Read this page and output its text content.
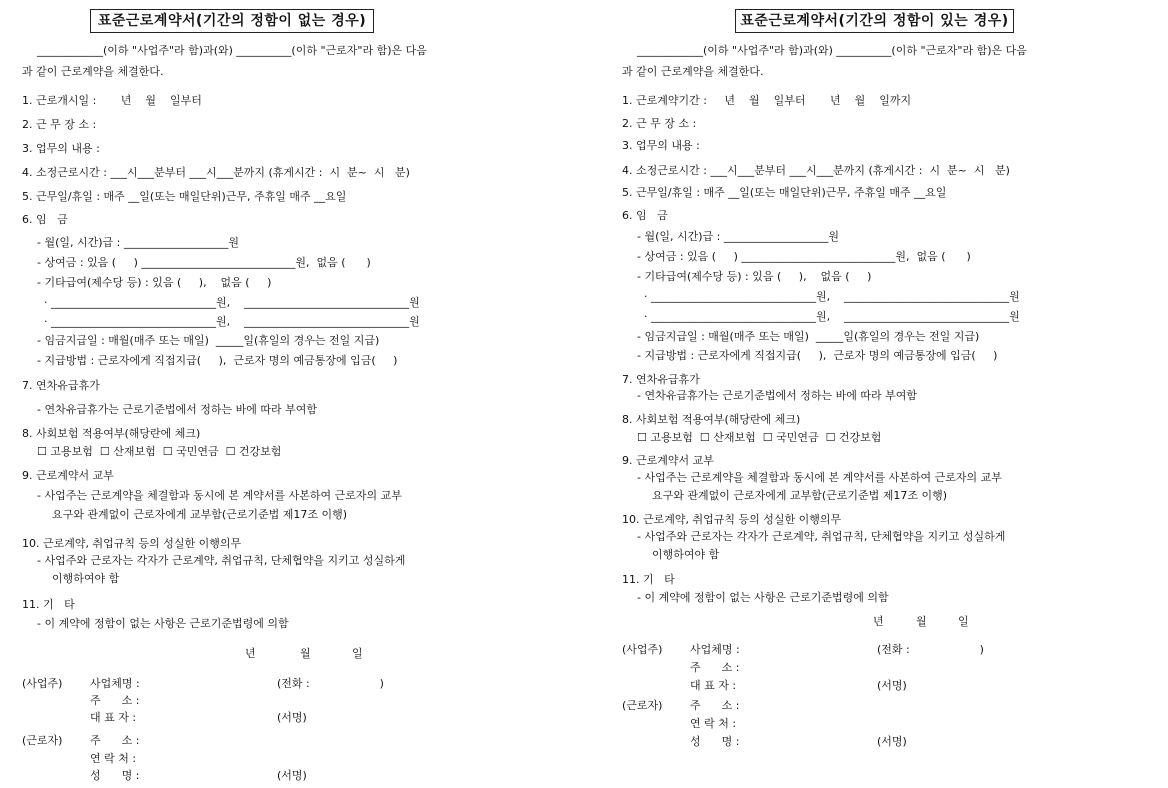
표준근로계약서(기간의 정함이 없는 경우)
____________(이하 "사업주"라 함)과(와) __________(이하 "근로자"라 함)은 다음
과 같이 근로계약을 체결한다.
1. 근로개시일 :       년    월    일부터
2. 근 무 장 소 :
3. 업무의 내용 :
4. 소정근로시간 : ___시___분부터 ___시___분까지 (휴게시간 :  시  분~  시   분)
5. 근무일/휴일 : 매주 __일(또는 매일단위)근무, 주휴일 매주 __요일
6. 임   금
- 월(일, 시간)급 : ___________________원
- 상여금 : 있음 (     ) ____________________________원,  없음 (      )
- 기타급여(제수당 등) : 있음 (     ),    없음 (     )
· ______________________________원,    ______________________________원
· ______________________________원,    ______________________________원
- 임금지급일 : 매월(매주 또는 매일)  _____일(휴일의 경우는 전일 지급)
- 지급방법 : 근로자에게 직접지급(     ),  근로자 명의 예금통장에 입금(     )
7. 연차유급휴가
- 연차유급휴가는 근로기준법에서 정하는 바에 따라 부여함
8. 사회보험 적용여부(해당란에 체크)
☐ 고용보험  ☐ 산재보험  ☐ 국민연금  ☐ 건강보험
9. 근로계약서 교부
- 사업주는 근로계약을 체결함과 동시에 본 계약서를 사본하여 근로자의 교부
요구와 관계없이 근로자에게 교부함(근로기준법 제17조 이행)
10. 근로계약, 취업규칙 등의 성실한 이행의무
- 사업주와 근로자는 각자가 근로계약, 취업규칙, 단체협약을 지키고 성실하게
이행하여야 함
11. 기   타
- 이 계약에 정함이 없는 사항은 근로기준법령에 의함
년	월	일
(사업주)	사업체명 :	(전화 :                    )
주      소 :
대 표 자 :	(서명)
(근로자)	주      소 :
연 락 처 :
성      명 :	(서명)
표준근로계약서(기간의 정함이 있는 경우)
____________(이하 "사업주"라 함)과(와) __________(이하 "근로자"라 함)은 다음
과 같이 근로계약을 체결한다.
1. 근로계약기간 :     년    월    일부터       년    월    일까지
2. 근 무 장 소 :
3. 업무의 내용 :
4. 소정근로시간 : ___시___분부터 ___시___분까지 (휴게시간 :  시  분~  시   분)
5. 근무일/휴일 : 매주 __일(또는 매일단위)근무, 주휴일 매주 __요일
6. 임   금
- 월(일, 시간)급 : ___________________원
- 상여금 : 있음 (     ) ____________________________원,  없음 (      )
- 기타급여(제수당 등) : 있음 (     ),    없음 (     )
· ______________________________원,    ______________________________원
· ______________________________원,    ______________________________원
- 임금지급일 : 매월(매주 또는 매일)  _____일(휴일의 경우는 전일 지급)
- 지급방법 : 근로자에게 직접지급(     ),  근로자 명의 예금통장에 입금(     )
7. 연차유급휴가
- 연차유급휴가는 근로기준법에서 정하는 바에 따라 부여함
8. 사회보험 적용여부(해당란에 체크)
☐ 고용보험  ☐ 산재보험  ☐ 국민연금  ☐ 건강보험
9. 근로계약서 교부
- 사업주는 근로계약을 체결함과 동시에 본 계약서를 사본하여 근로자의 교부
요구와 관계없이 근로자에게 교부함(근로기준법 제17조 이행)
10. 근로계약, 취업규칙 등의 성실한 이행의무
- 사업주와 근로자는 각자가 근로계약, 취업규칙, 단체협약을 지키고 성실하게
이행하여야 함
11. 기   타
- 이 계약에 정함이 없는 사항은 근로기준법령에 의함
년	월	일
(사업주)	사업체명 :	(전화 :                    )
주      소 :
대 표 자 :	(서명)
(근로자)	주      소 :
연 락 처 :
성      명 :	(서명)
